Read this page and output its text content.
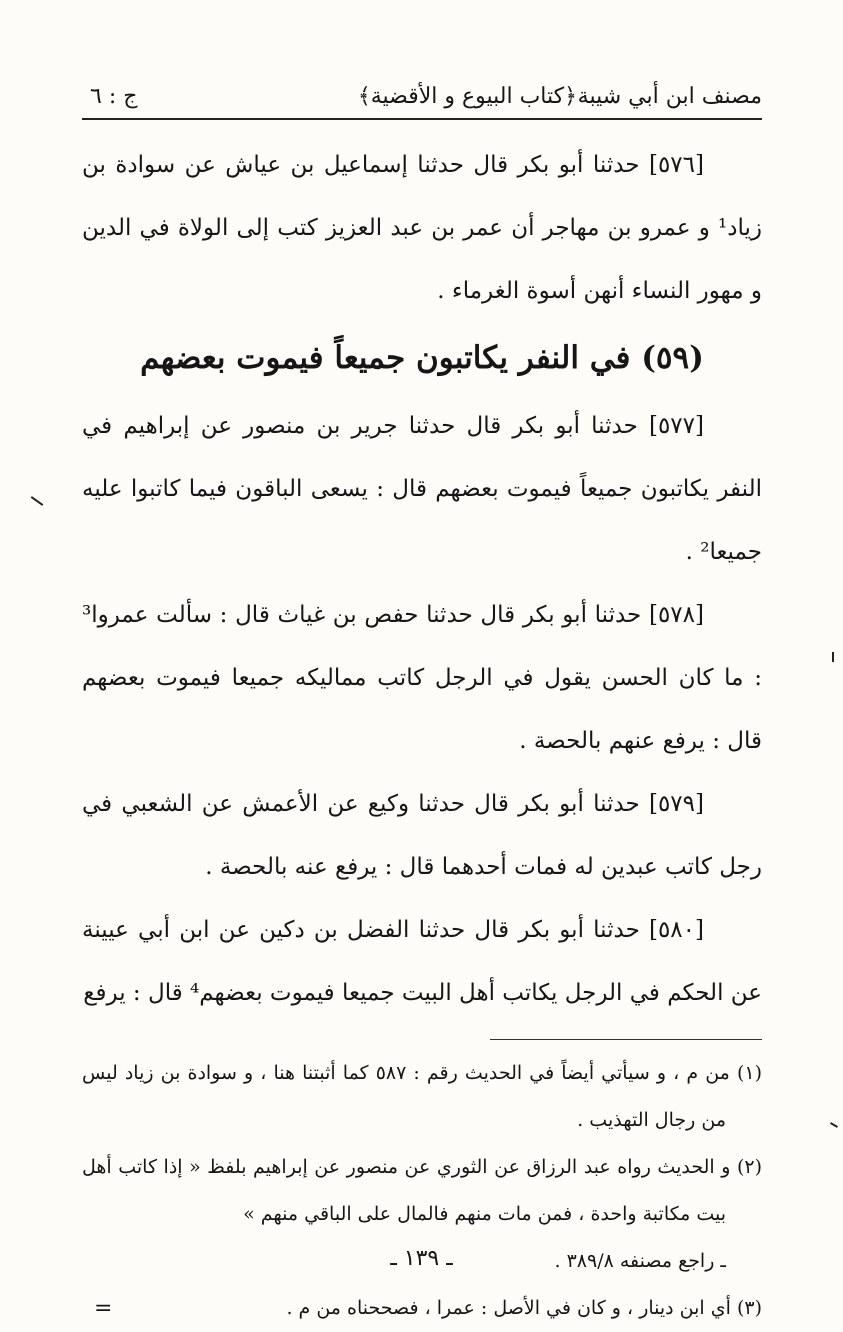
مصنف ابن أبي شيبة
﴿كتاب البيوع و الأقضية﴾
ج : ٦

[٥٧٦] حدثنا أبو بكر قال حدثنا إسماعيل بن عياش عن سوادة بن زياد¹ و عمرو بن مهاجر أن عمر بن عبد العزيز كتب إلى الولاة في الدين و مهور النساء أنهن أسوة الغرماء .

(٥٩) في النفر يكاتبون جميعاً فيموت بعضهم

[٥٧٧] حدثنا أبو بكر قال حدثنا جرير بن منصور عن إبراهيم في النفر يكاتبون جميعاً فيموت بعضهم قال : يسعى الباقون فيما كاتبوا عليه جميعا² .

[٥٧٨] حدثنا أبو بكر قال حدثنا حفص بن غياث قال : سألت عمروا³ : ما كان الحسن يقول في الرجل كاتب مماليكه جميعا فيموت بعضهم قال : يرفع عنهم بالحصة .

[٥٧٩] حدثنا أبو بكر قال حدثنا وكيع عن الأعمش عن الشعبي في رجل كاتب عبدين له فمات أحدهما قال : يرفع عنه بالحصة .

[٥٨٠] حدثنا أبو بكر قال حدثنا الفضل بن دكين عن ابن أبي عيينة عن الحكم في الرجل يكاتب أهل البيت جميعا فيموت بعضهم⁴ قال : يرفع

(١) من م ، و سيأتي أيضاً في الحديث رقم : ٥٨٧ كما أثبتنا هنا ، و سوادة بن زياد ليس من رجال التهذيب .

(٢) و الحديث رواه عبد الرزاق عن الثوري عن منصور عن إبراهيم بلفظ « إذا كاتب أهل بيت مكاتبة واحدة ، فمن مات منهم فالمال على الباقي منهم »

ـ راجع مصنفه ٣٨٩/٨ .

(٣) أي ابن دينار ، و كان في الأصل : عمرا ، فصححناه من م .

=
ـ ١٣٩ ـ
